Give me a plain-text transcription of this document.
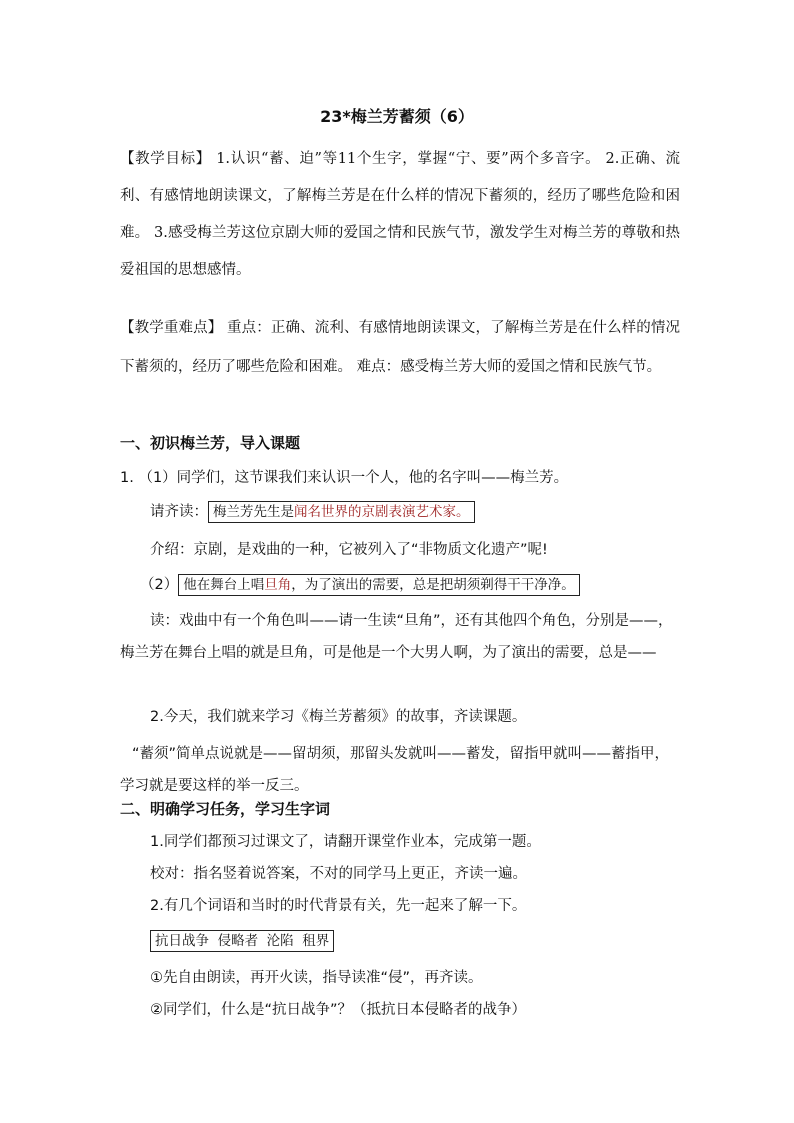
23*梅兰芳蓄须（6）
【教学目标】 1.认识“蓄、迫”等11个生字，掌握“宁、要”两个多音字。 2.正确、流利、有感情地朗读课文，了解梅兰芳是在什么样的情况下蓄须的，经历了哪些危险和困难。 3.感受梅兰芳这位京剧大师的爱国之情和民族气节，激发学生对梅兰芳的尊敬和热爱祖国的思想感情。
【教学重难点】 重点：正确、流利、有感情地朗读课文，了解梅兰芳是在什么样的情况下蓄须的，经历了哪些危险和困难。 难点：感受梅兰芳大师的爱国之情和民族气节。
一、初识梅兰芳，导入课题
1. （1）同学们，这节课我们来认识一个人，他的名字叫——梅兰芳。
请齐读： 梅兰芳先生是闻名世界的京剧表演艺术家。
介绍：京剧，是戏曲的一种，它被列入了“非物质文化遗产”呢!
（2） 他在舞台上唱旦角，为了演出的需要，总是把胡须剃得干干净净。
读：戏曲中有一个角色叫——请一生读“旦角”，还有其他四个角色，分别是——，梅兰芳在舞台上唱的就是旦角，可是他是一个大男人啊，为了演出的需要，总是——
2.今天，我们就来学习《梅兰芳蓄须》的故事，齐读课题。
“蓄须”简单点说就是——留胡须，那留头发就叫——蓄发，留指甲就叫——蓄指甲，学习就是要这样的举一反三。
二、明确学习任务，学习生字词
1.同学们都预习过课文了，请翻开课堂作业本，完成第一题。
校对：指名竖着说答案，不对的同学马上更正，齐读一遍。
2.有几个词语和当时的时代背景有关，先一起来了解一下。
抗日战争  侵略者  沦陷  租界
①先自由朗读，再开火读，指导读准“侵”，再齐读。
②同学们，什么是“抗日战争”？（抵抗日本侵略者的战争）
